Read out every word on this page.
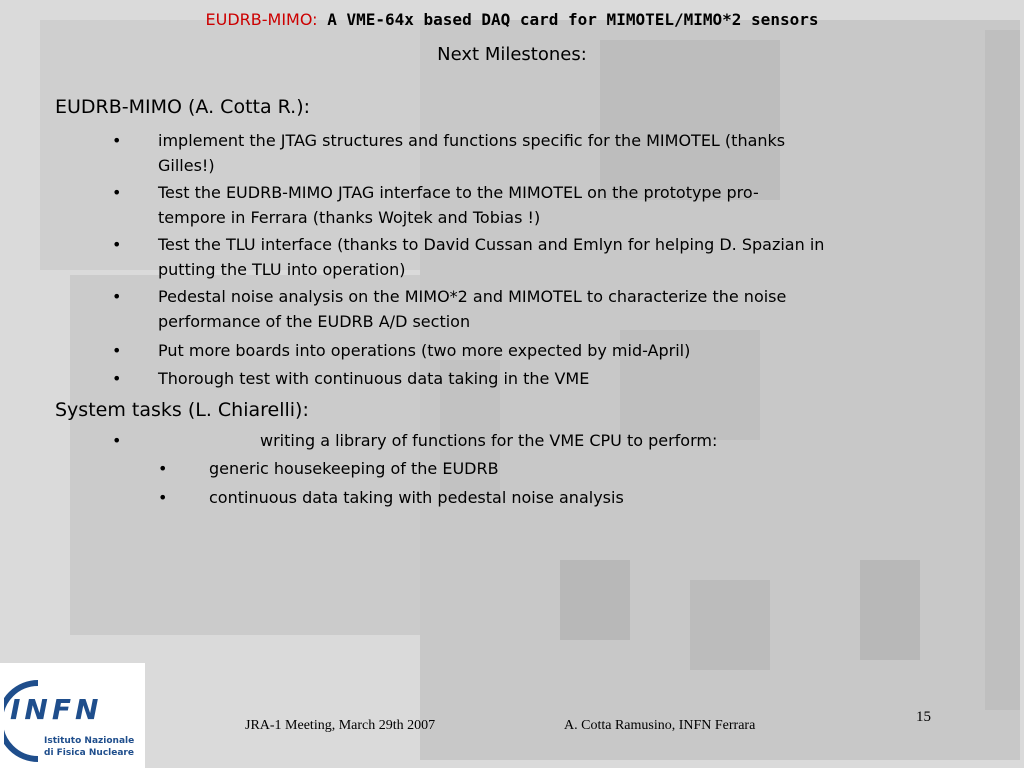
EUDRB-MIMO: A VME-64x based DAQ card for MIMOTEL/MIMO*2 sensors
Next Milestones:
EUDRB-MIMO (A. Cotta R.):
• implement the JTAG structures and functions specific for the MIMOTEL (thanks
Gilles!)
• Test the EUDRB-MIMO JTAG interface to the MIMOTEL on the prototype pro-
tempore in Ferrara (thanks Wojtek and Tobias !)
• Test the TLU interface (thanks to David Cussan and Emlyn for helping D. Spazian in
putting the TLU into operation)
• Pedestal noise analysis on the MIMO*2 and MIMOTEL to characterize the noise
performance of the EUDRB A/D section
• Put more boards into operations (two more expected by mid-April)
• Thorough test with continuous data taking in the VME
System tasks (L. Chiarelli):
•	writing a library of functions for the VME CPU to perform:
•	generic housekeeping of the EUDRB
•	continuous data taking with pedestal noise analysis
JRA-1 Meeting, March 29th 2007	A. Cotta Ramusino, INFN Ferrara
15
INFN
Istituto Nazionale
di Fisica Nucleare
